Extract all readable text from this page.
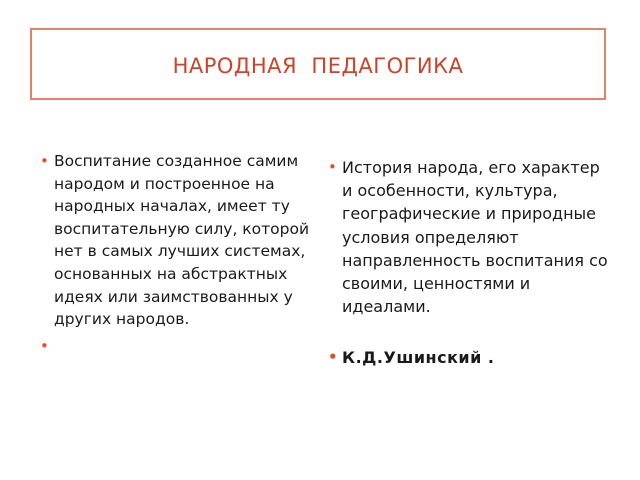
НАРОДНАЯ  ПЕДАГОГИКА
• Воспитание созданное самим народом и построенное на народных началах, имеет ту воспитательную силу, которой нет в самых лучших системах, основанных на абстрактных идеях или заимствованных у других народов.
•
• История народа, его характер и особенности, культура, географические и природные условия определяют направленность воспитания со своими, ценностями и идеалами.
• К.Д.Ушинский .
